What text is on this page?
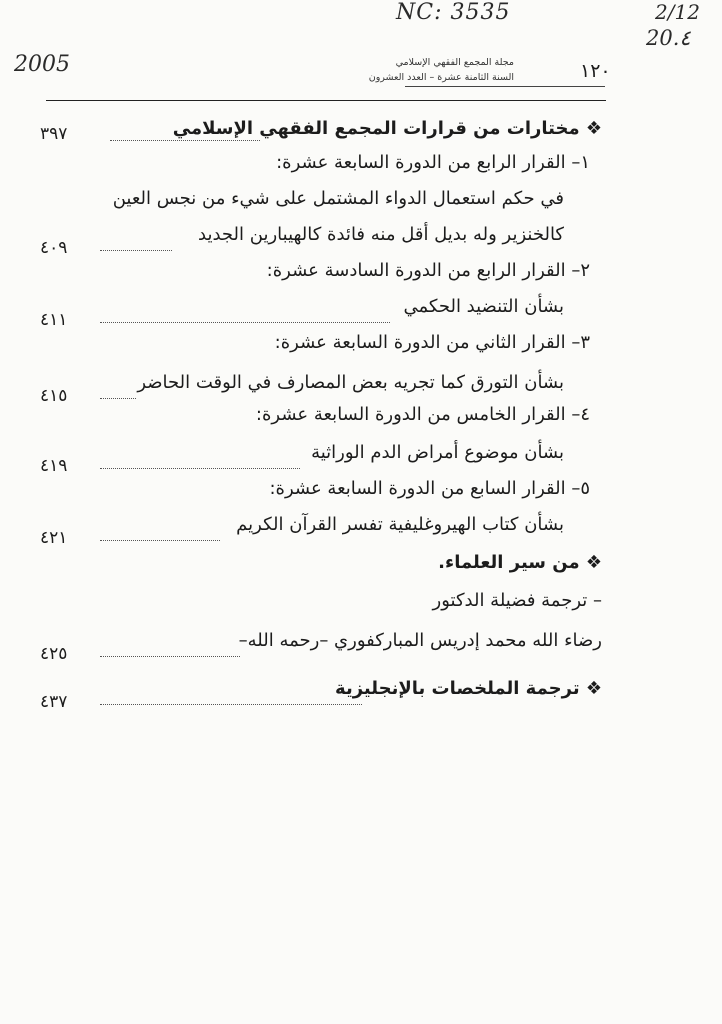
NC: 3535
2005
2/12
20.٤
مجلة المجمع الفقهي الإسلامي
السنة الثامنة عشرة – العدد العشرون	١٢٠
❖ مختارات من قرارات المجمع الفقهي الإسلامي
٣٩٧
١– القرار الرابع من الدورة السابعة عشرة:
في حكم استعمال الدواء المشتمل على شيء من نجس العين
كالخنزير وله بديل أقل منه فائدة كالهيبارين الجديد
٤٠٩
٢– القرار الرابع من الدورة السادسة عشرة:
بشأن التنضيد الحكمي
٤١١
٣– القرار الثاني من الدورة السابعة عشرة:
بشأن التورق كما تجريه بعض المصارف في الوقت الحاضر
٤١٥
٤– القرار الخامس من الدورة السابعة عشرة:
بشأن موضوع أمراض الدم الوراثية
٤١٩
٥– القرار السابع من الدورة السابعة عشرة:
بشأن كتاب الهيروغليفية تفسر القرآن الكريم
٤٢١
❖ من سير العلماء.
– ترجمة فضيلة الدكتور
رضاء الله محمد إدريس المباركفوري –رحمه الله–
٤٢٥
❖ ترجمة الملخصات بالإنجليزية
٤٣٧
